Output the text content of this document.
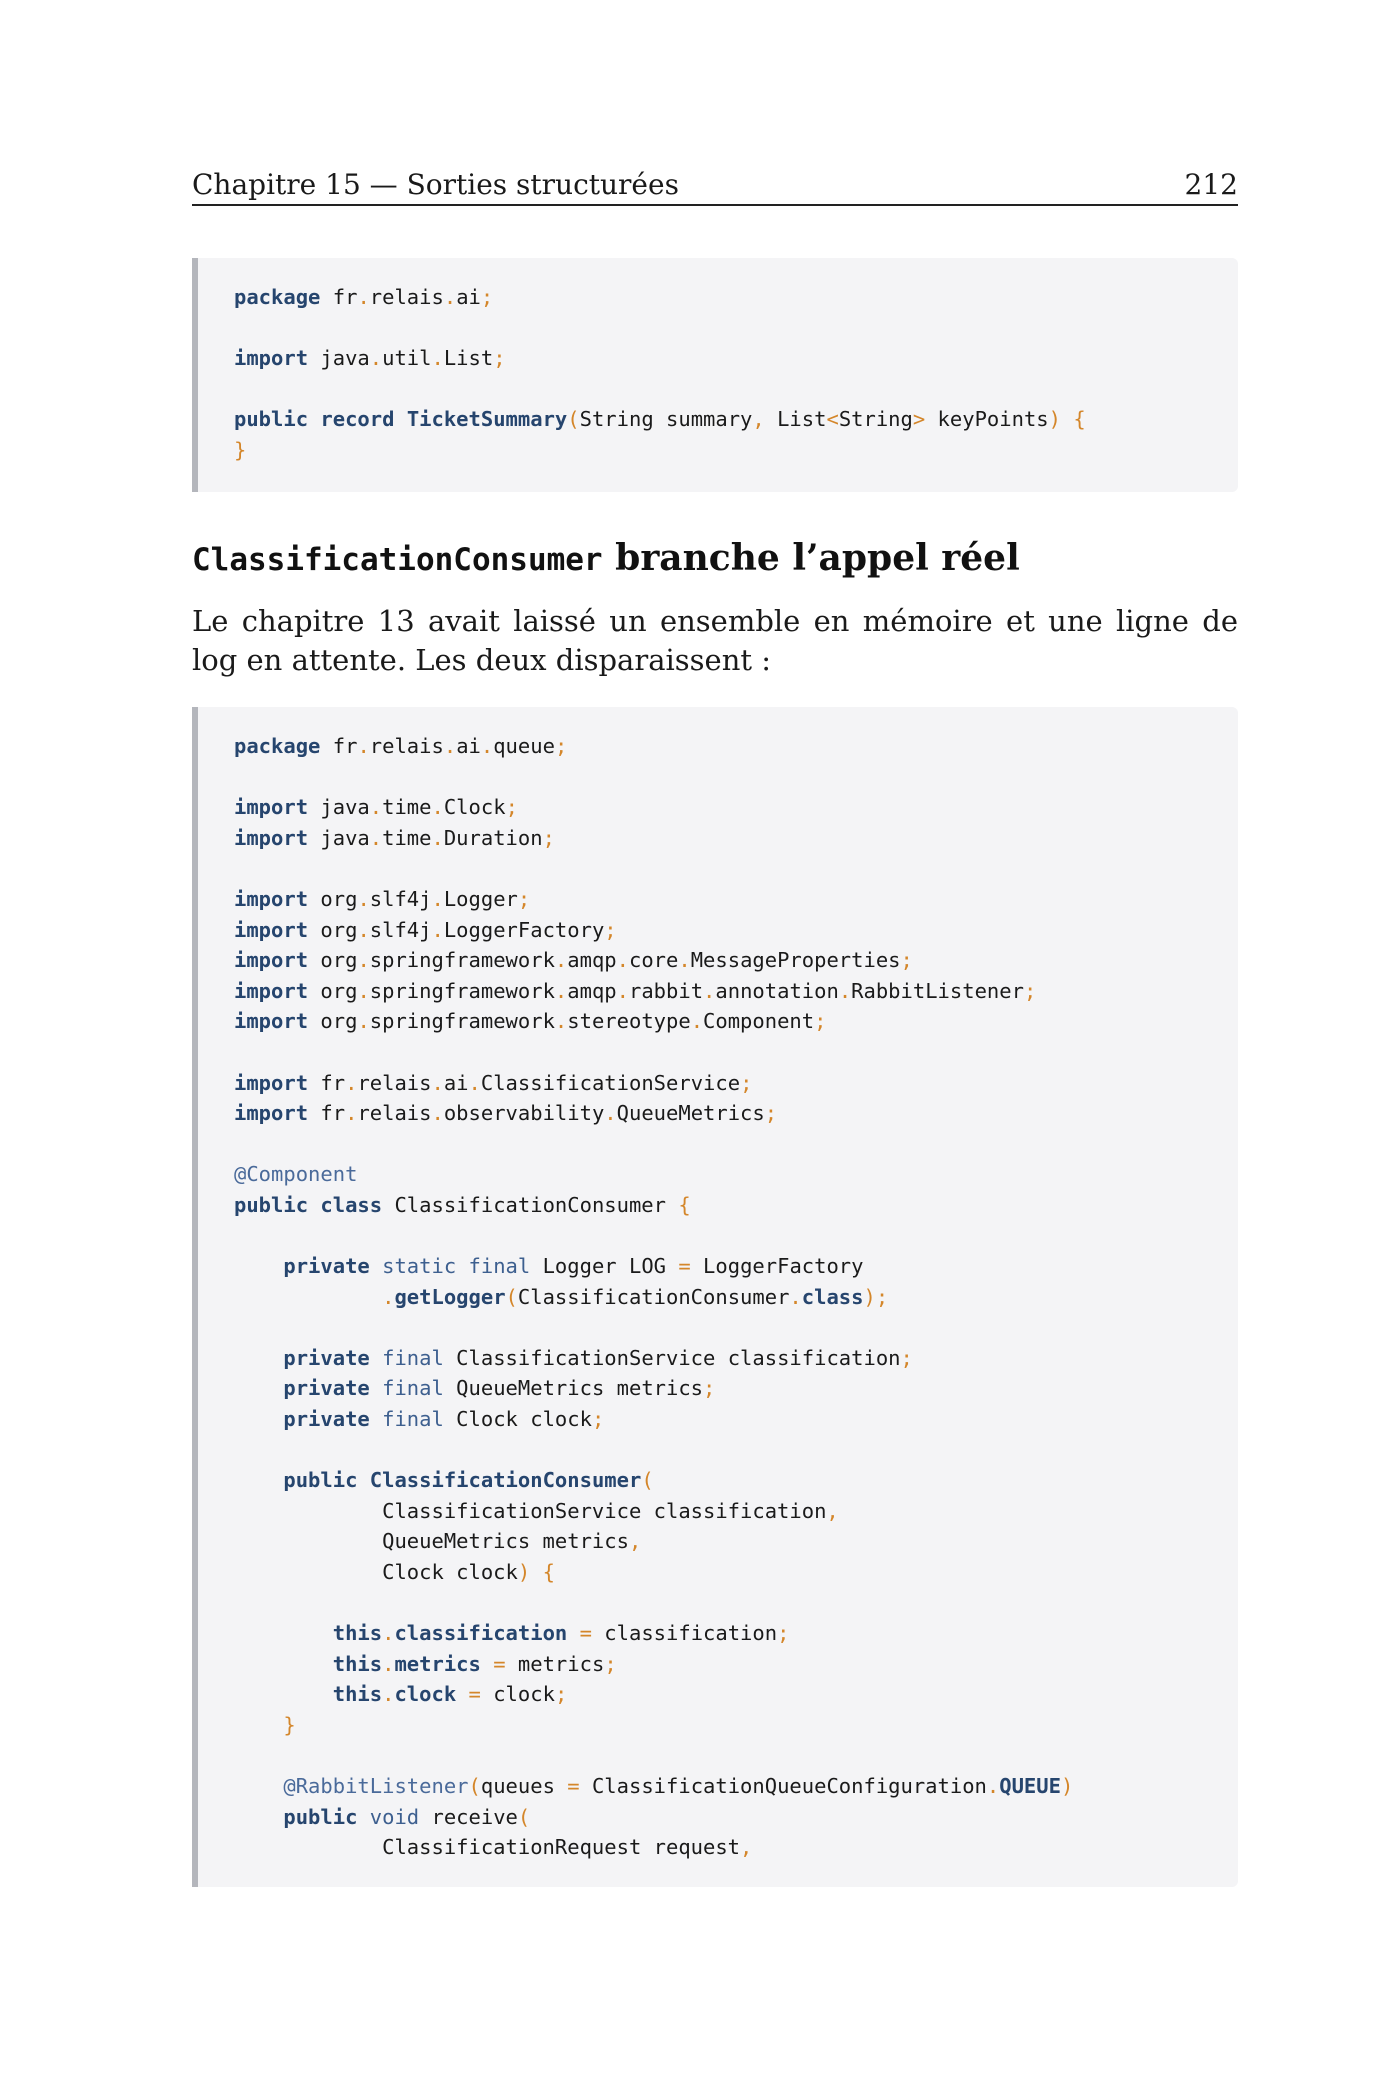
Chapitre 15 — Sorties structurées	212
package fr.relais.ai;

import java.util.List;

public record TicketSummary(String summary, List<String> keyPoints) {
}
ClassificationConsumer branche l’appel réel
Le chapitre 13 avait laissé un ensemble en mémoire et une ligne de log en attente. Les deux disparaissent :
package fr.relais.ai.queue;

import java.time.Clock;
import java.time.Duration;

import org.slf4j.Logger;
import org.slf4j.LoggerFactory;
import org.springframework.amqp.core.MessageProperties;
import org.springframework.amqp.rabbit.annotation.RabbitListener;
import org.springframework.stereotype.Component;

import fr.relais.ai.ClassificationService;
import fr.relais.observability.QueueMetrics;

@Component
public class ClassificationConsumer {

private static final Logger LOG = LoggerFactory
.getLogger(ClassificationConsumer.class);

private final ClassificationService classification;
private final QueueMetrics metrics;
private final Clock clock;

public ClassificationConsumer(
ClassificationService classification,
QueueMetrics metrics,
Clock clock) {

this.classification = classification;
this.metrics = metrics;
this.clock = clock;
}

@RabbitListener(queues = ClassificationQueueConfiguration.QUEUE)
public void receive(
ClassificationRequest request,
